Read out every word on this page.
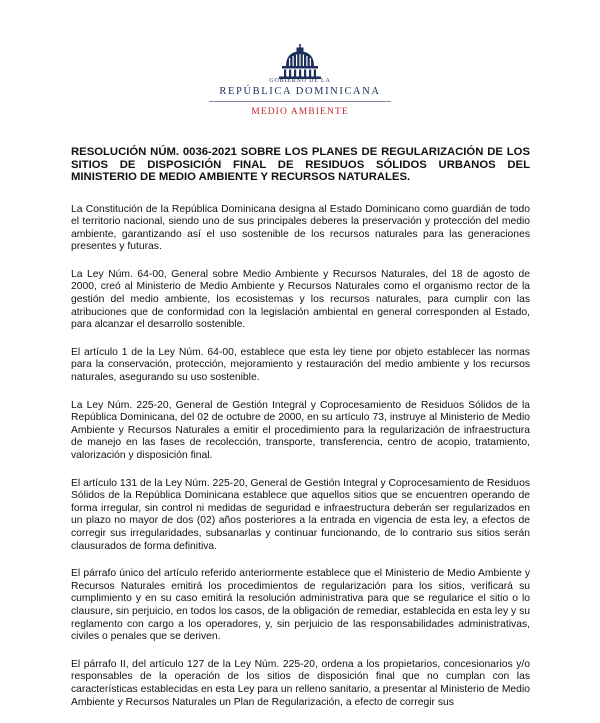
GOBIERNO DE LA
REPÚBLICA DOMINICANA
MEDIO AMBIENTE

RESOLUCIÓN NÚM. 0036-2021 SOBRE LOS PLANES DE REGULARIZACIÓN DE LOS SITIOS DE DISPOSICIÓN FINAL DE RESIDUOS SÓLIDOS URBANOS DEL MINISTERIO DE MEDIO AMBIENTE Y RECURSOS NATURALES.

La Constitución de la República Dominicana designa al Estado Dominicano como guardián de todo el territorio nacional, siendo uno de sus principales deberes la preservación y protección del medio ambiente, garantizando así el uso sostenible de los recursos naturales para las generaciones presentes y futuras.

La Ley Núm. 64-00, General sobre Medio Ambiente y Recursos Naturales, del 18 de agosto de 2000, creó al Ministerio de Medio Ambiente y Recursos Naturales como el organismo rector de la gestión del medio ambiente, los ecosistemas y los recursos naturales, para cumplir con las atribuciones que de conformidad con la legislación ambiental en general corresponden al Estado, para alcanzar el desarrollo sostenible.

El artículo 1 de la Ley Núm. 64-00, establece que esta ley tiene por objeto establecer las normas para la conservación, protección, mejoramiento y restauración del medio ambiente y los recursos naturales, asegurando su uso sostenible.

La Ley Núm. 225-20, General de Gestión Integral y Coprocesamiento de Residuos Sólidos de la República Dominicana, del 02 de octubre de 2000, en su artículo 73, instruye al Ministerio de Medio Ambiente y Recursos Naturales a emitir el procedimiento para la regularización de infraestructura de manejo en las fases de recolección, transporte, transferencia, centro de acopio, tratamiento, valorización y disposición final.

El artículo 131 de la Ley Núm. 225-20, General de Gestión Integral y Coprocesamiento de Residuos Sólidos de la República Dominicana establece que aquellos sitios que se encuentren operando de forma irregular, sin control ni medidas de seguridad e infraestructura deberán ser regularizados en un plazo no mayor de dos (02) años posteriores a la entrada en vigencia de esta ley, a efectos de corregir sus irregularidades, subsanarlas y continuar funcionando, de lo contrario sus sitios serán clausurados de forma definitiva.

El párrafo único del artículo referido anteriormente establece que el Ministerio de Medio Ambiente y Recursos Naturales emitirá los procedimientos de regularización para los sitios, verificará su cumplimiento y en su caso emitirá la resolución administrativa para que se regularice el sitio o lo clausure, sin perjuicio, en todos los casos, de la obligación de remediar, establecida en esta ley y su reglamento con cargo a los operadores, y, sin perjuicio de las responsabilidades administrativas, civiles o penales que se deriven.

El párrafo II, del artículo 127 de la Ley Núm. 225-20, ordena a los propietarios, concesionarios y/o responsables de la operación de los sitios de disposición final que no cumplan con las características establecidas en esta Ley para un relleno sanitario, a presentar al Ministerio de Medio Ambiente y Recursos Naturales un Plan de Regularización, a efecto de corregir sus
